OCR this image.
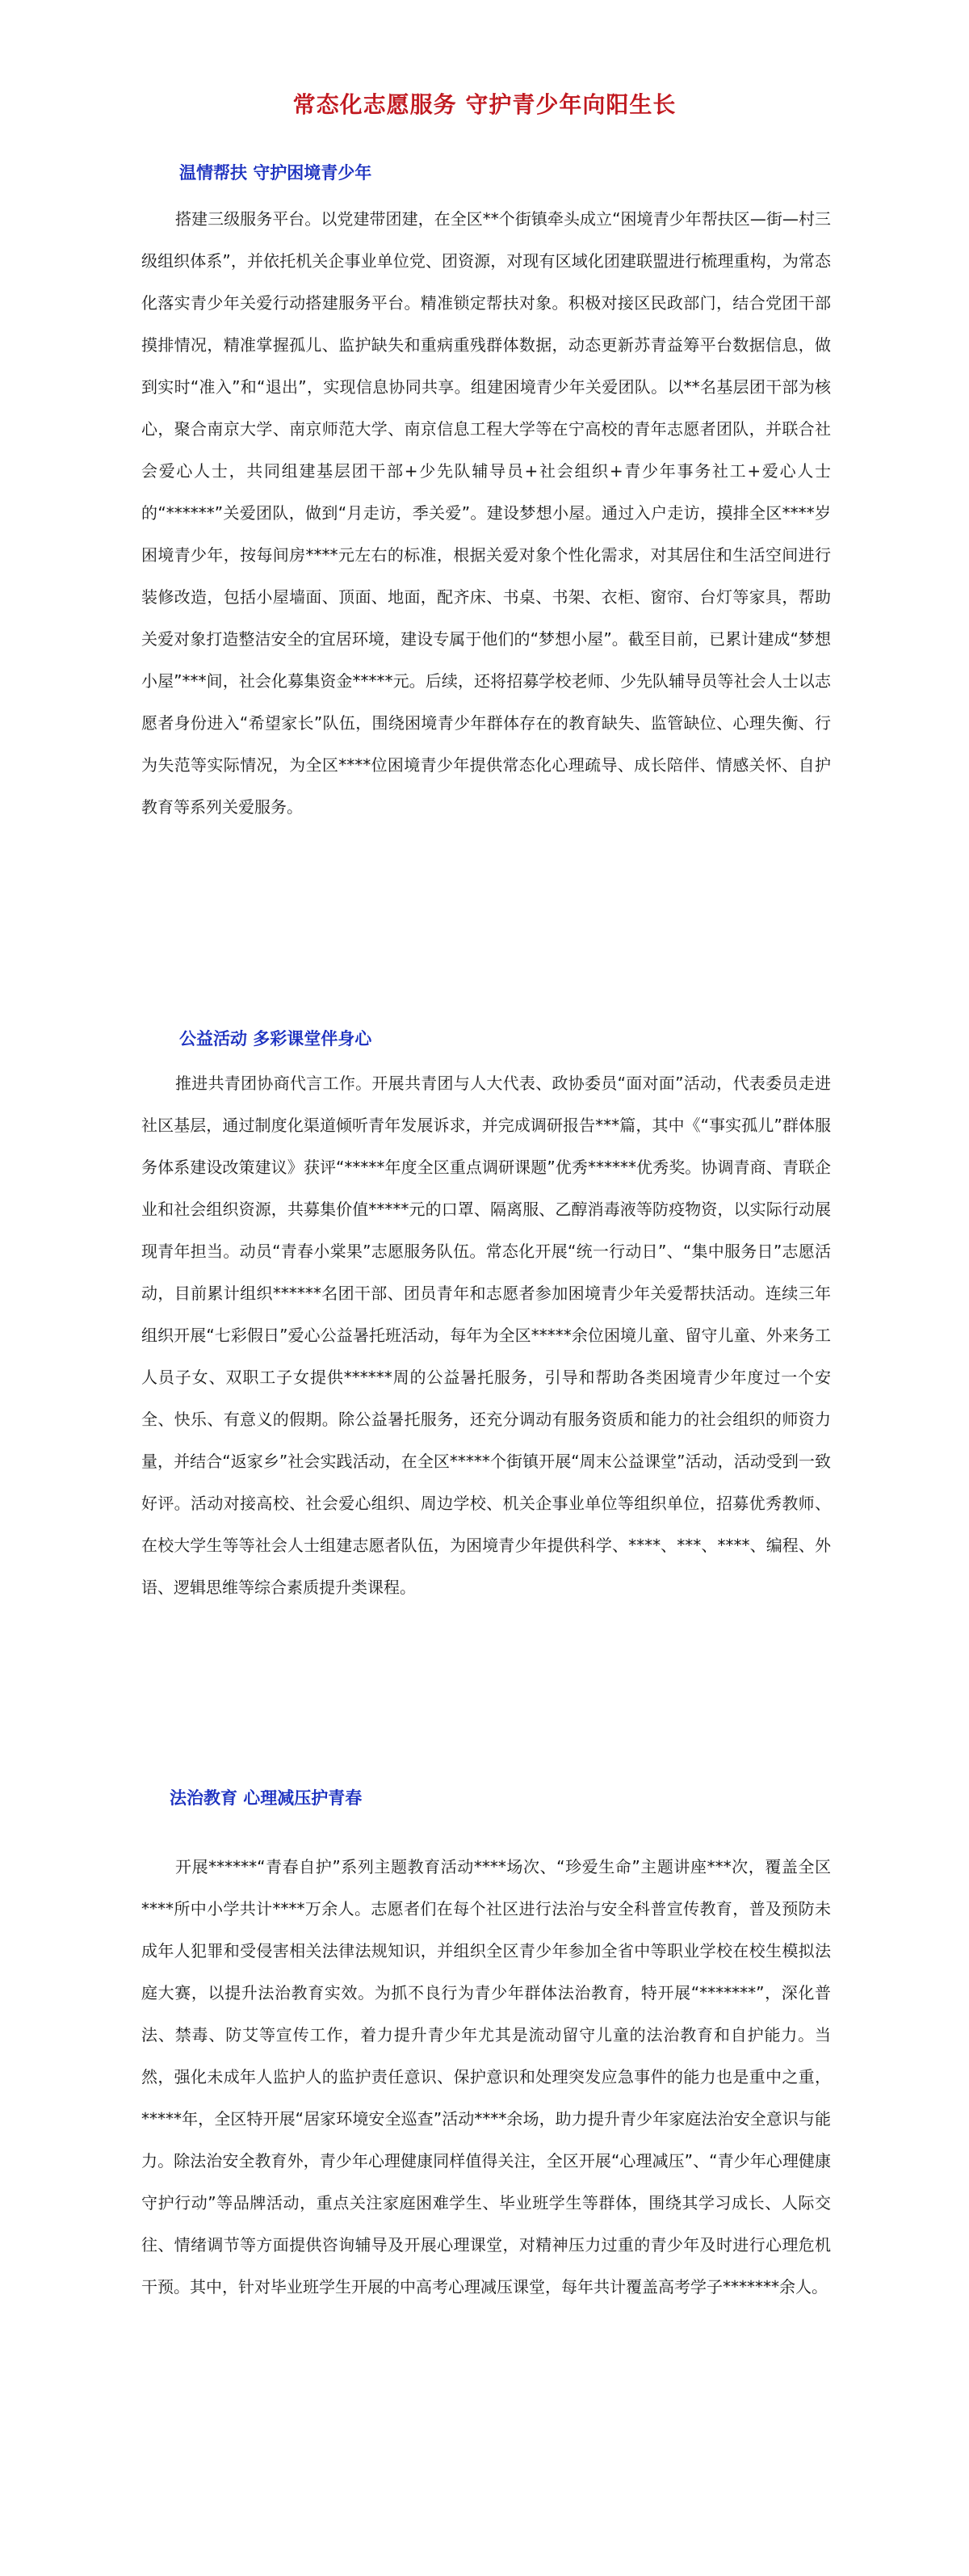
常态化志愿服务 守护青少年向阳生长
温情帮扶 守护困境青少年

搭建三级服务平台。以党建带团建，在全区**个街镇牵头成立“困境青少年帮扶区—街—村三级组织体系”，并依托机关企事业单位党、团资源，对现有区域化团建联盟进行梳理重构，为常态化落实青少年关爱行动搭建服务平台。精准锁定帮扶对象。积极对接区民政部门，结合党团干部摸排情况，精准掌握孤儿、监护缺失和重病重残群体数据，动态更新苏青益筹平台数据信息，做到实时“准入”和“退出”，实现信息协同共享。组建困境青少年关爱团队。以**名基层团干部为核心，聚合南京大学、南京师范大学、南京信息工程大学等在宁高校的青年志愿者团队，并联合社会爱心人士，共同组建基层团干部+少先队辅导员+社会组织+青少年事务社工+爱心人士的“******”关爱团队，做到“月走访，季关爱”。建设梦想小屋。通过入户走访，摸排全区****岁困境青少年，按每间房****元左右的标准，根据关爱对象个性化需求，对其居住和生活空间进行装修改造，包括小屋墙面、顶面、地面，配齐床、书桌、书架、衣柜、窗帘、台灯等家具，帮助关爱对象打造整洁安全的宜居环境，建设专属于他们的“梦想小屋”。截至目前，已累计建成“梦想小屋”***间，社会化募集资金*****元。后续，还将招募学校老师、少先队辅导员等社会人士以志愿者身份进入“希望家长”队伍，围绕困境青少年群体存在的教育缺失、监管缺位、心理失衡、行为失范等实际情况，为全区****位困境青少年提供常态化心理疏导、成长陪伴、情感关怀、自护教育等系列关爱服务。

公益活动 多彩课堂伴身心

推进共青团协商代言工作。开展共青团与人大代表、政协委员“面对面”活动，代表委员走进社区基层，通过制度化渠道倾听青年发展诉求，并完成调研报告***篇，其中《“事实孤儿”群体服务体系建设改策建议》获评“*****年度全区重点调研课题”优秀******优秀奖。协调青商、青联企业和社会组织资源，共募集价值*****元的口罩、隔离服、乙醇消毒液等防疫物资，以实际行动展现青年担当。动员“青春小棠果”志愿服务队伍。常态化开展“统一行动日”、“集中服务日”志愿活动，目前累计组织******名团干部、团员青年和志愿者参加困境青少年关爱帮扶活动。连续三年组织开展“七彩假日”爱心公益暑托班活动，每年为全区*****余位困境儿童、留守儿童、外来务工人员子女、双职工子女提供******周的公益暑托服务，引导和帮助各类困境青少年度过一个安全、快乐、有意义的假期。除公益暑托服务，还充分调动有服务资质和能力的社会组织的师资力量，并结合“返家乡”社会实践活动，在全区*****个街镇开展“周末公益课堂”活动，活动受到一致好评。活动对接高校、社会爱心组织、周边学校、机关企事业单位等组织单位，招募优秀教师、在校大学生等等社会人士组建志愿者队伍，为困境青少年提供科学、****、***、****、编程、外语、逻辑思维等综合素质提升类课程。

法治教育 心理减压护青春

开展******“青春自护”系列主题教育活动****场次、“珍爱生命”主题讲座***次，覆盖全区****所中小学共计****万余人。志愿者们在每个社区进行法治与安全科普宣传教育，普及预防未成年人犯罪和受侵害相关法律法规知识，并组织全区青少年参加全省中等职业学校在校生模拟法庭大赛，以提升法治教育实效。为抓不良行为青少年群体法治教育，特开展“*******”，深化普法、禁毒、防艾等宣传工作，着力提升青少年尤其是流动留守儿童的法治教育和自护能力。当然，强化未成年人监护人的监护责任意识、保护意识和处理突发应急事件的能力也是重中之重，*****年，全区特开展“居家环境安全巡查”活动****余场，助力提升青少年家庭法治安全意识与能力。除法治安全教育外，青少年心理健康同样值得关注，全区开展“心理减压”、“青少年心理健康守护行动”等品牌活动，重点关注家庭困难学生、毕业班学生等群体，围绕其学习成长、人际交往、情绪调节等方面提供咨询辅导及开展心理课堂，对精神压力过重的青少年及时进行心理危机干预。其中，针对毕业班学生开展的中高考心理减压课堂，每年共计覆盖高考学子*******余人。
